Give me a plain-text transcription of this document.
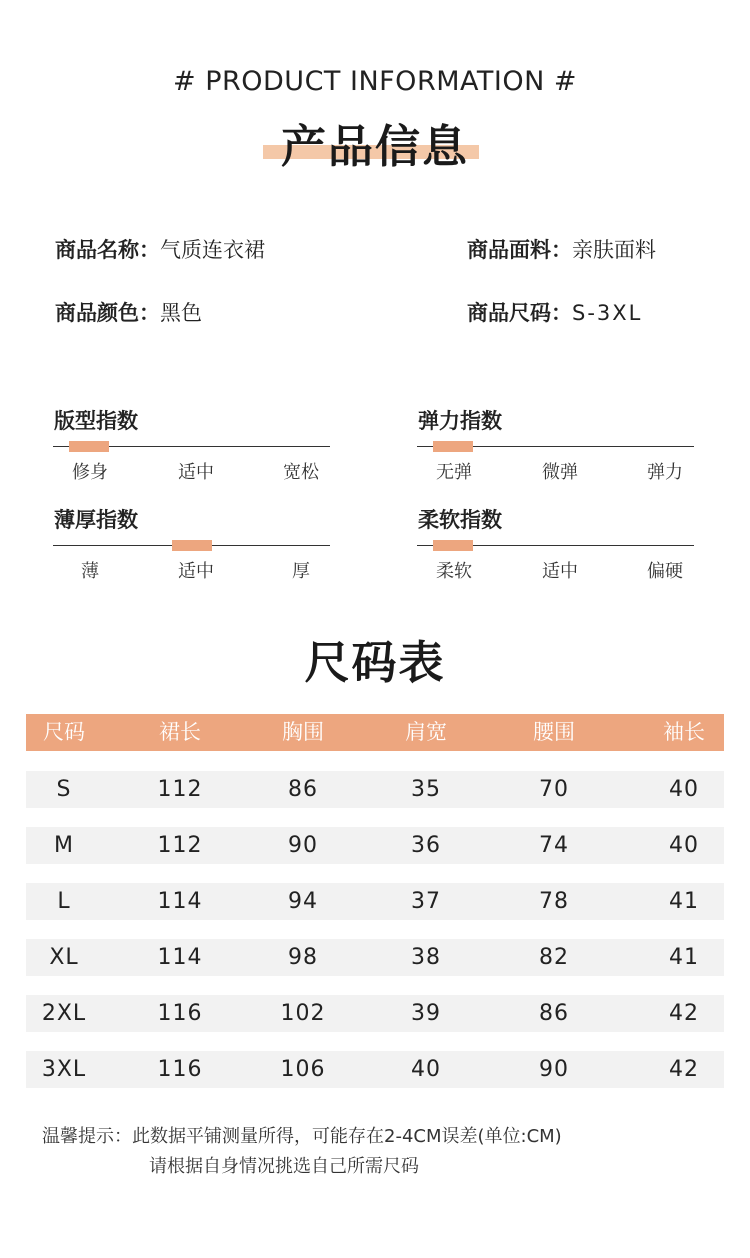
# PRODUCT INFORMATION #
产品信息
商品名称：气质连衣裙	商品面料：亲肤面料
商品颜色：黑色	商品尺码：S-3XL
版型指数
修身	适中	宽松
弹力指数
无弹	微弹	弹力
薄厚指数
薄	适中	厚
柔软指数
柔软	适中	偏硬
尺码表
尺码	裙长	胸围	肩宽	腰围	袖长
S	112	86	35	70	40
M	112	90	36	74	40
L	114	94	37	78	41
XL	114	98	38	82	41
2XL	116	102	39	86	42
3XL	116	106	40	90	42
温馨提示：此数据平铺测量所得，可能存在2-4CM误差(单位:CM)
请根据自身情况挑选自己所需尺码
